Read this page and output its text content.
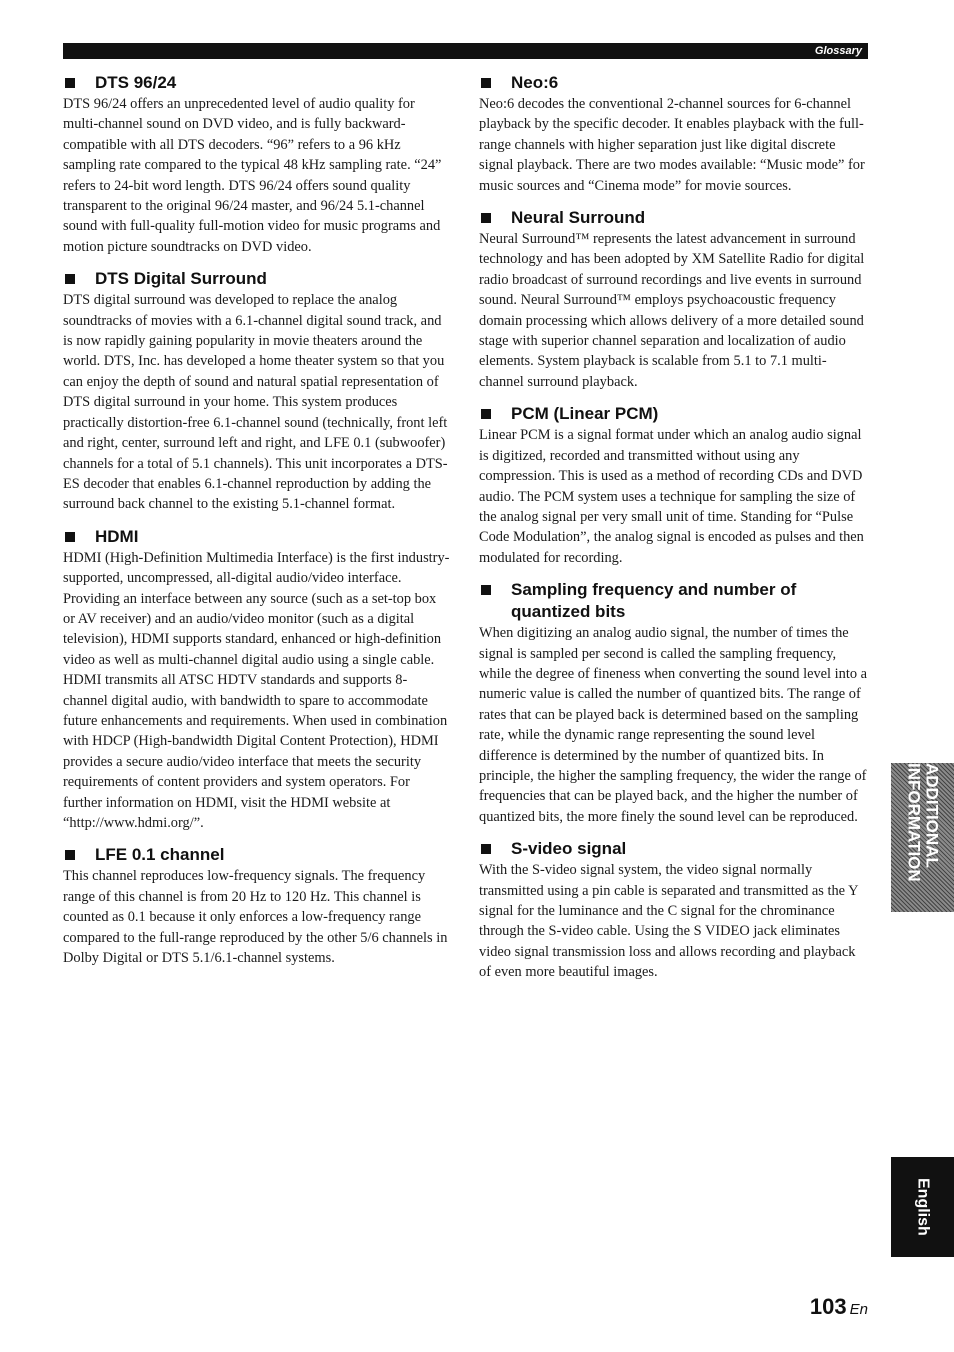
Glossary
DTS 96/24

DTS 96/24 offers an unprecedented level of audio quality for multi-channel sound on DVD video, and is fully backward-compatible with all DTS decoders. “96” refers to a 96 kHz sampling rate compared to the typical 48 kHz sampling rate. “24” refers to 24-bit word length. DTS 96/24 offers sound quality transparent to the original 96/24 master, and 96/24 5.1-channel sound with full-quality full-motion video for music programs and motion picture soundtracks on DVD video.

DTS Digital Surround

DTS digital surround was developed to replace the analog soundtracks of movies with a 6.1-channel digital sound track, and is now rapidly gaining popularity in movie theaters around the world. DTS, Inc. has developed a home theater system so that you can enjoy the depth of sound and natural spatial representation of DTS digital surround in your home. This system produces practically distortion-free 6.1-channel sound (technically, front left and right, center, surround left and right, and LFE 0.1 (subwoofer) channels for a total of 5.1 channels). This unit incorporates a DTS-ES decoder that enables 6.1-channel reproduction by adding the surround back channel to the existing 5.1-channel format.

HDMI

HDMI (High-Definition Multimedia Interface) is the first industry-supported, uncompressed, all-digital audio/video interface. Providing an interface between any source (such as a set-top box or AV receiver) and an audio/video monitor (such as a digital television), HDMI supports standard, enhanced or high-definition video as well as multi-channel digital audio using a single cable. HDMI transmits all ATSC HDTV standards and supports 8-channel digital audio, with bandwidth to spare to accommodate future enhancements and requirements. When used in combination with HDCP (High-bandwidth Digital Content Protection), HDMI provides a secure audio/video interface that meets the security requirements of content providers and system operators. For further information on HDMI, visit the HDMI website at “http://www.hdmi.org/”.

LFE 0.1 channel

This channel reproduces low-frequency signals. The frequency range of this channel is from 20 Hz to 120 Hz. This channel is counted as 0.1 because it only enforces a low-frequency range compared to the full-range reproduced by the other 5/6 channels in Dolby Digital or DTS 5.1/6.1-channel systems.

Neo:6

Neo:6 decodes the conventional 2-channel sources for 6-channel playback by the specific decoder. It enables playback with the full-range channels with higher separation just like digital discrete signal playback. There are two modes available: “Music mode” for music sources and “Cinema mode” for movie sources.

Neural Surround

Neural Surround™ represents the latest advancement in surround technology and has been adopted by XM Satellite Radio for digital radio broadcast of surround recordings and live events in surround sound. Neural Surround™ employs psychoacoustic frequency domain processing which allows delivery of a more detailed sound stage with superior channel separation and localization of audio elements. System playback is scalable from 5.1 to 7.1 multi-channel surround playback.

PCM (Linear PCM)

Linear PCM is a signal format under which an analog audio signal is digitized, recorded and transmitted without using any compression. This is used as a method of recording CDs and DVD audio. The PCM system uses a technique for sampling the size of the analog signal per very small unit of time. Standing for “Pulse Code Modulation”, the analog signal is encoded as pulses and then modulated for recording.

Sampling frequency and number of quantized bits

When digitizing an analog audio signal, the number of times the signal is sampled per second is called the sampling frequency, while the degree of fineness when converting the sound level into a numeric value is called the number of quantized bits. The range of rates that can be played back is determined based on the sampling rate, while the dynamic range representing the sound level difference is determined by the number of quantized bits. In principle, the higher the sampling frequency, the wider the range of frequencies that can be played back, and the higher the number of quantized bits, the more finely the sound level can be reproduced.

S-video signal

With the S-video signal system, the video signal normally transmitted using a pin cable is separated and transmitted as the Y signal for the luminance and the C signal for the chrominance through the S-video cable. Using the S VIDEO jack eliminates video signal transmission loss and allows recording and playback of even more beautiful images.

ADDITIONAL INFORMATION
English
103 En
